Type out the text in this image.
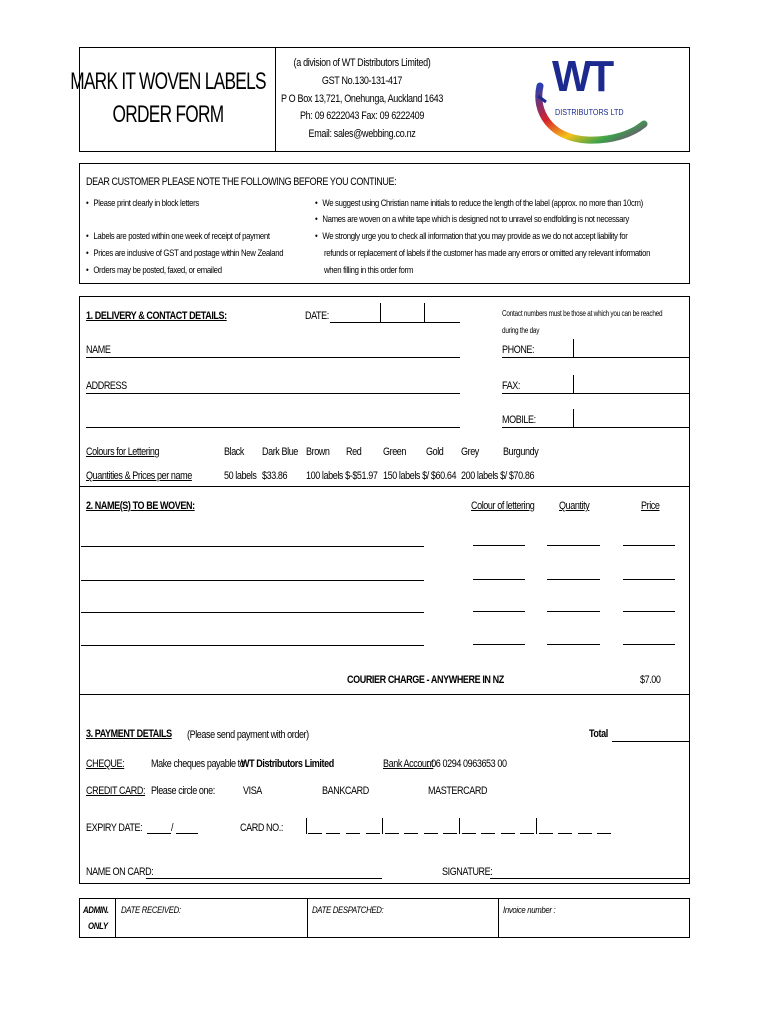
MARK IT WOVEN LABELS
ORDER FORM
(a division of WT Distributors Limited)
GST No.130-131-417
P O Box 13,721, Onehunga, Auckland 1643
Ph: 09 6222043 Fax: 09 6222409
Email: sales@webbing.co.nz
WT
DISTRIBUTORS LTD
DEAR CUSTOMER PLEASE NOTE THE FOLLOWING BEFORE YOU CONTINUE:
• Please print clearly in block letters
• Labels are posted within one week of receipt of payment
• Prices are inclusive of GST and postage within New Zealand
• Orders may be posted, faxed, or emailed
• We suggest using Christian name initials to reduce the length of the label (approx. no more than 10cm)
• Names are woven on a white tape which is designed not to unravel so endfolding is not necessary
• We strongly urge you to check all information that you may provide as we do not accept liability for
refunds or replacement of labels if the customer has made any errors or omitted any relevant information
when filling in this order form
1. DELIVERY & CONTACT DETAILS:	DATE:	Contact numbers must be those at which you can be reached
during the day
NAME	PHONE:
ADDRESS	FAX:
MOBILE:
Colours for Lettering	Black Dark Blue Brown Red Green Gold Grey Burgundy
Quantities & Prices per name	50 labels $33.86 100 labels $-$51.97 150 labels $/ $60.64 200 labels $/ $70.86
2. NAME(S) TO BE WOVEN:	Colour of lettering Quantity	Price
COURIER CHARGE - ANYWHERE IN NZ	$7.00
3. PAYMENT DETAILS (Please send payment with order)	Total
CHEQUE: Make cheques payable to
WT Distributors Limited	Bank Account
: 06 0294 0963653 00
CREDIT CARD: Please circle one:	VISA	BANKCARD	MASTERCARD
EXPIRY DATE:	/	CARD NO.:
NAME ON CARD:	SIGNATURE:
ADMIN.
ONLY
DATE RECEIVED:	DATE DESPATCHED:	Invoice number :
